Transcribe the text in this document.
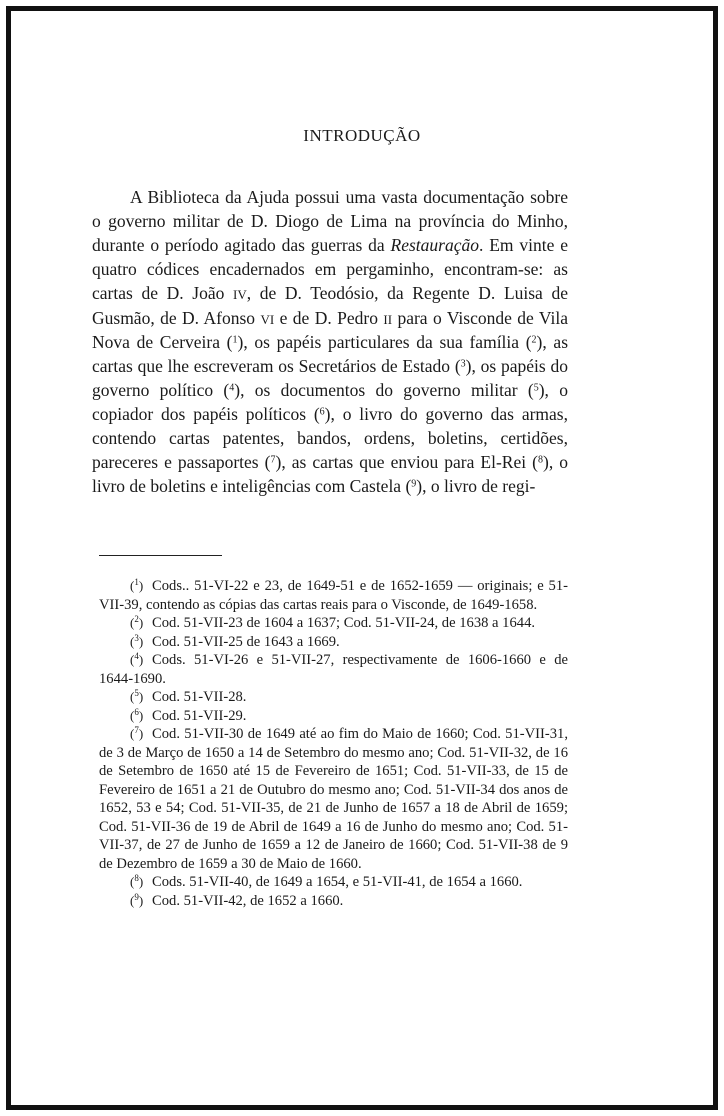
INTRODUÇÃO

A Biblioteca da Ajuda possui uma vasta documentação sobre o governo militar de D. Diogo de Lima na província do Minho, durante o período agitado das guerras da Restauração. Em vinte e quatro códices encadernados em pergaminho, encontram-se: as cartas de D. João IV, de D. Teodósio, da Regente D. Luisa de Gusmão, de D. Afonso VI e de D. Pedro II para o Visconde de Vila Nova de Cerveira ($^1$), os papéis particulares da sua família ($^2$), as cartas que lhe escreveram os Secretários de Estado ($^3$), os papéis do governo político ($^4$), os documentos do governo militar ($^5$), o copiador dos papéis políticos ($^6$), o livro do governo das armas, contendo cartas patentes, bandos, ordens, boletins, certidões, pareceres e passaportes ($^7$), as cartas que enviou para El-Rei ($^8$), o livro de boletins e inteligências com Castela ($^9$), o livro de regi-

($^1$) Cods.. 51-VI-22 e 23, de 1649-51 e de 1652-1659 — originais; e 51-VII-39, contendo as cópias das cartas reais para o Visconde, de 1649-1658.

($^2$) Cod. 51-VII-23 de 1604 a 1637; Cod. 51-VII-24, de 1638 a 1644.

($^3$) Cod. 51-VII-25 de 1643 a 1669.

($^4$) Cods. 51-VI-26 e 51-VII-27, respectivamente de 1606-1660 e de 1644-1690.

($^5$) Cod. 51-VII-28.

($^6$) Cod. 51-VII-29.

($^7$) Cod. 51-VII-30 de 1649 até ao fim do Maio de 1660; Cod. 51-VII-31, de 3 de Março de 1650 a 14 de Setembro do mesmo ano; Cod. 51-VII-32, de 16 de Setembro de 1650 até 15 de Fevereiro de 1651; Cod. 51-VII-33, de 15 de Fevereiro de 1651 a 21 de Outubro do mesmo ano; Cod. 51-VII-34 dos anos de 1652, 53 e 54; Cod. 51-VII-35, de 21 de Junho de 1657 a 18 de Abril de 1659; Cod. 51-VII-36 de 19 de Abril de 1649 a 16 de Junho do mesmo ano; Cod. 51-VII-37, de 27 de Junho de 1659 a 12 de Janeiro de 1660; Cod. 51-VII-38 de 9 de Dezembro de 1659 a 30 de Maio de 1660.

($^8$) Cods. 51-VII-40, de 1649 a 1654, e 51-VII-41, de 1654 a 1660.

($^9$) Cod. 51-VII-42, de 1652 a 1660.
